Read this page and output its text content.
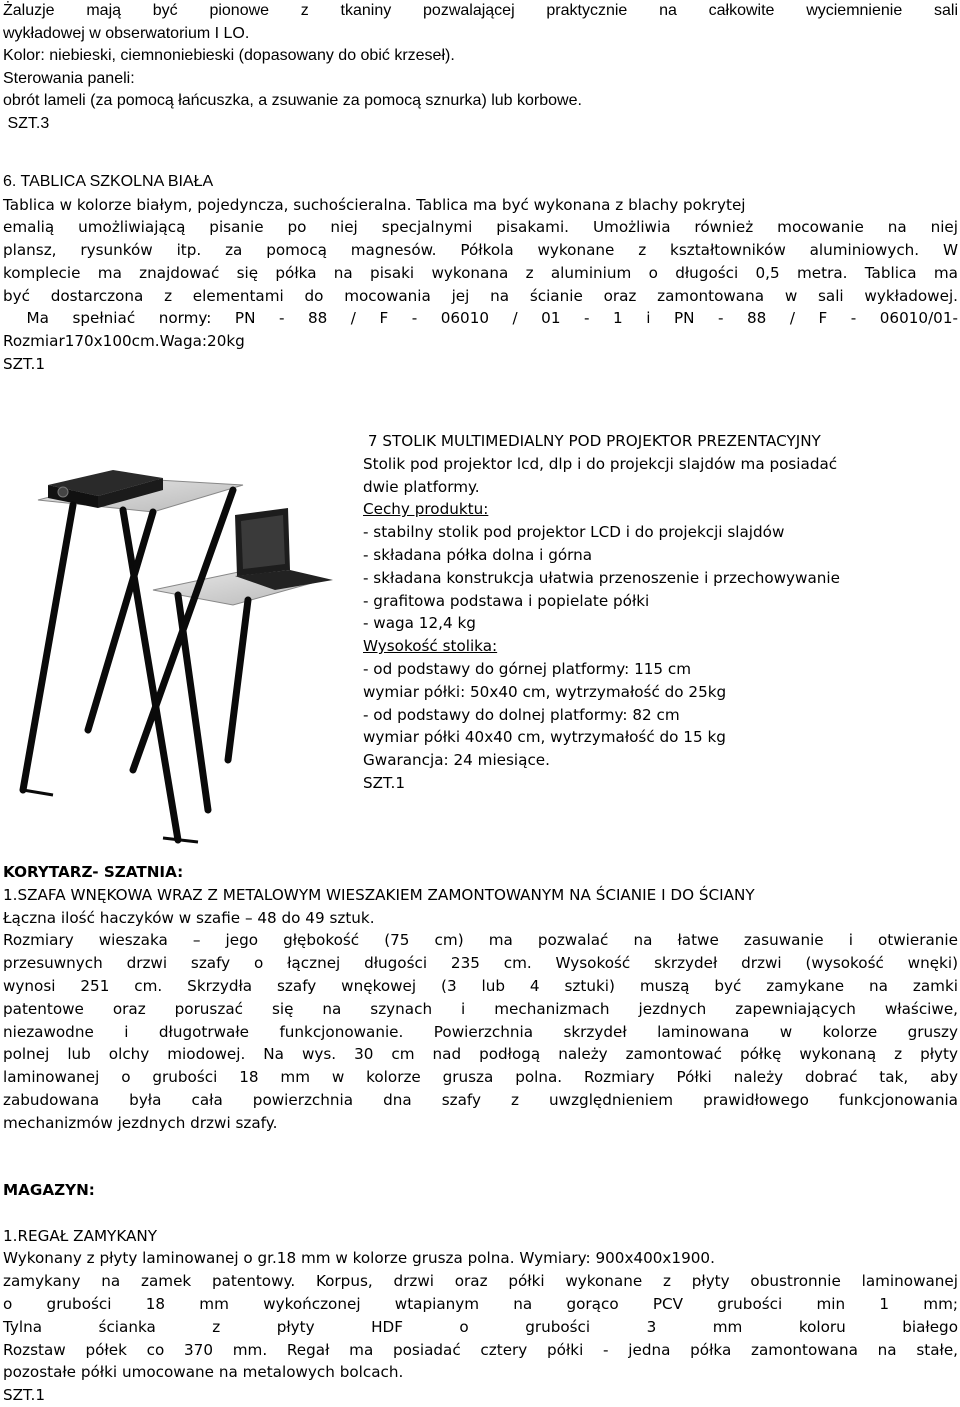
Żaluzje mają być pionowe z tkaniny pozwalającej praktycznie na całkowite wyciemnienie sali
wykładowej w obserwatorium I LO.
Kolor: niebieski, ciemnoniebieski (dopasowany do obić krzeseł).
Sterowania paneli:
obrót lameli (za pomocą łańcuszka, a zsuwanie za pomocą sznurka) lub korbowe.
SZT.3
6. TABLICA SZKOLNA BIAŁA
Tablica w kolorze białym, pojedyncza, suchościeralna. Tablica ma być wykonana z blachy pokrytej
emalią umożliwiającą pisanie po niej specjalnymi pisakami. Umożliwia również mocowanie na niej
plansz, rysunków itp. za pomocą magnesów. Półkola wykonane z kształtowników aluminiowych. W
komplecie ma znajdować się półka na pisaki wykonana z aluminium o długości 0,5 metra. Tablica ma
być dostarczona z elementami do mocowania jej na ścianie oraz zamontowana w sali wykładowej.
Ma spełniać normy: PN - 88 / F - 06010 / 01 - 1 i PN - 88 / F - 06010/01-
Rozmiar170x100cm.Waga:20kg
SZT.1
7 STOLIK MULTIMEDIALNY POD PROJEKTOR PREZENTACYJNY
Stolik pod projektor lcd, dlp i do projekcji slajdów ma posiadać
dwie platformy.
Cechy produktu:
- stabilny stolik pod projektor LCD i do projekcji slajdów
- składana półka dolna i górna
- składana konstrukcja ułatwia przenoszenie i przechowywanie
- grafitowa podstawa i popielate półki
- waga 12,4 kg
Wysokość stolika:
- od podstawy do górnej platformy: 115 cm
wymiar półki: 50x40 cm, wytrzymałość do 25kg
- od podstawy do dolnej platformy: 82 cm
wymiar półki 40x40 cm, wytrzymałość do 15 kg
Gwarancja: 24 miesiące.
SZT.1
KORYTARZ- SZATNIA:
1.SZAFA WNĘKOWA WRAZ Z METALOWYM WIESZAKIEM ZAMONTOWANYM NA ŚCIANIE I DO ŚCIANY
Łączna ilość haczyków w szafie – 48 do 49 sztuk.
Rozmiary wieszaka – jego głębokość (75 cm) ma pozwalać na łatwe zasuwanie i otwieranie
przesuwnych drzwi szafy o łącznej długości 235 cm. Wysokość skrzydeł drzwi (wysokość wnęki)
wynosi 251 cm. Skrzydła szafy wnękowej (3 lub 4 sztuki) muszą być zamykane na zamki
patentowe oraz poruszać się na szynach i mechanizmach jezdnych zapewniających właściwe,
niezawodne i długotrwałe funkcjonowanie. Powierzchnia skrzydeł laminowana w kolorze gruszy
polnej lub olchy miodowej. Na wys. 30 cm nad podłogą należy zamontować półkę wykonaną z płyty
laminowanej o grubości 18 mm w kolorze grusza polna. Rozmiary Półki należy dobrać tak, aby
zabudowana była cała powierzchnia dna szafy z uwzględnieniem prawidłowego funkcjonowania
mechanizmów jezdnych drzwi szafy.
MAGAZYN:
1.REGAŁ ZAMYKANY
Wykonany z płyty laminowanej o gr.18 mm w kolorze grusza polna. Wymiary: 900x400x1900.
zamykany na zamek patentowy. Korpus, drzwi oraz półki wykonane z płyty obustronnie laminowanej
o grubości 18 mm wykończonej wtapianym na gorąco PCV grubości min 1 mm;
Tylna ścianka z płyty HDF o grubości 3 mm koloru białego
Rozstaw półek co 370 mm. Regał ma posiadać cztery półki - jedna półka zamontowana na stałe,
pozostałe półki umocowane na metalowych bolcach.
SZT.1
